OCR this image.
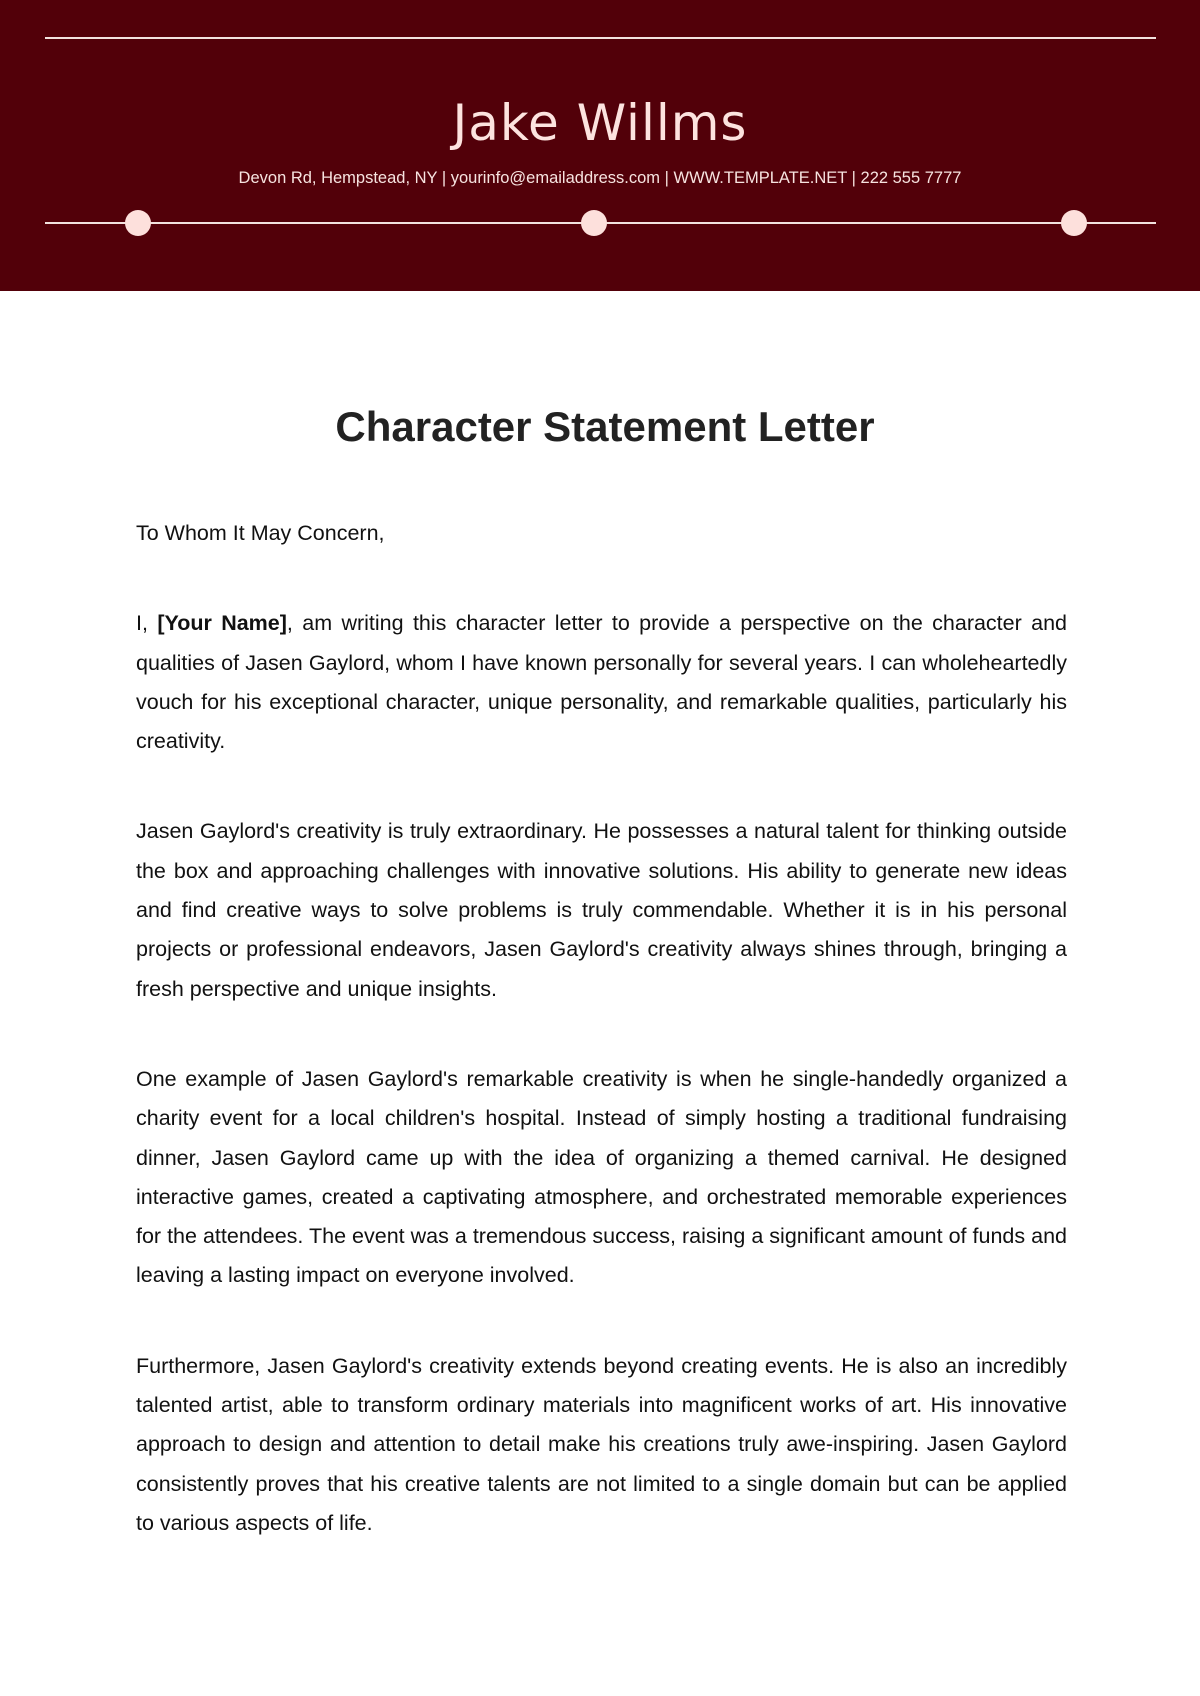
Jake Willms
Devon Rd, Hempstead, NY | yourinfo@emailaddress.com | WWW.TEMPLATE.NET | 222 555 7777
Character Statement Letter

To Whom It May Concern,

I, [Your Name], am writing this character letter to provide a perspective on the character and qualities of Jasen Gaylord, whom I have known personally for several years. I can wholeheartedly vouch for his exceptional character, unique personality, and remarkable qualities, particularly his creativity.

Jasen Gaylord's creativity is truly extraordinary. He possesses a natural talent for thinking outside the box and approaching challenges with innovative solutions. His ability to generate new ideas and find creative ways to solve problems is truly commendable. Whether it is in his personal projects or professional endeavors, Jasen Gaylord's creativity always shines through, bringing a fresh perspective and unique insights.

One example of Jasen Gaylord's remarkable creativity is when he single-handedly organized a charity event for a local children's hospital. Instead of simply hosting a traditional fundraising dinner, Jasen Gaylord came up with the idea of organizing a themed carnival. He designed interactive games, created a captivating atmosphere, and orchestrated memorable experiences for the attendees. The event was a tremendous success, raising a significant amount of funds and leaving a lasting impact on everyone involved.

Furthermore, Jasen Gaylord's creativity extends beyond creating events. He is also an incredibly talented artist, able to transform ordinary materials into magnificent works of art. His innovative approach to design and attention to detail make his creations truly awe-inspiring. Jasen Gaylord consistently proves that his creative talents are not limited to a single domain but can be applied to various aspects of life.
